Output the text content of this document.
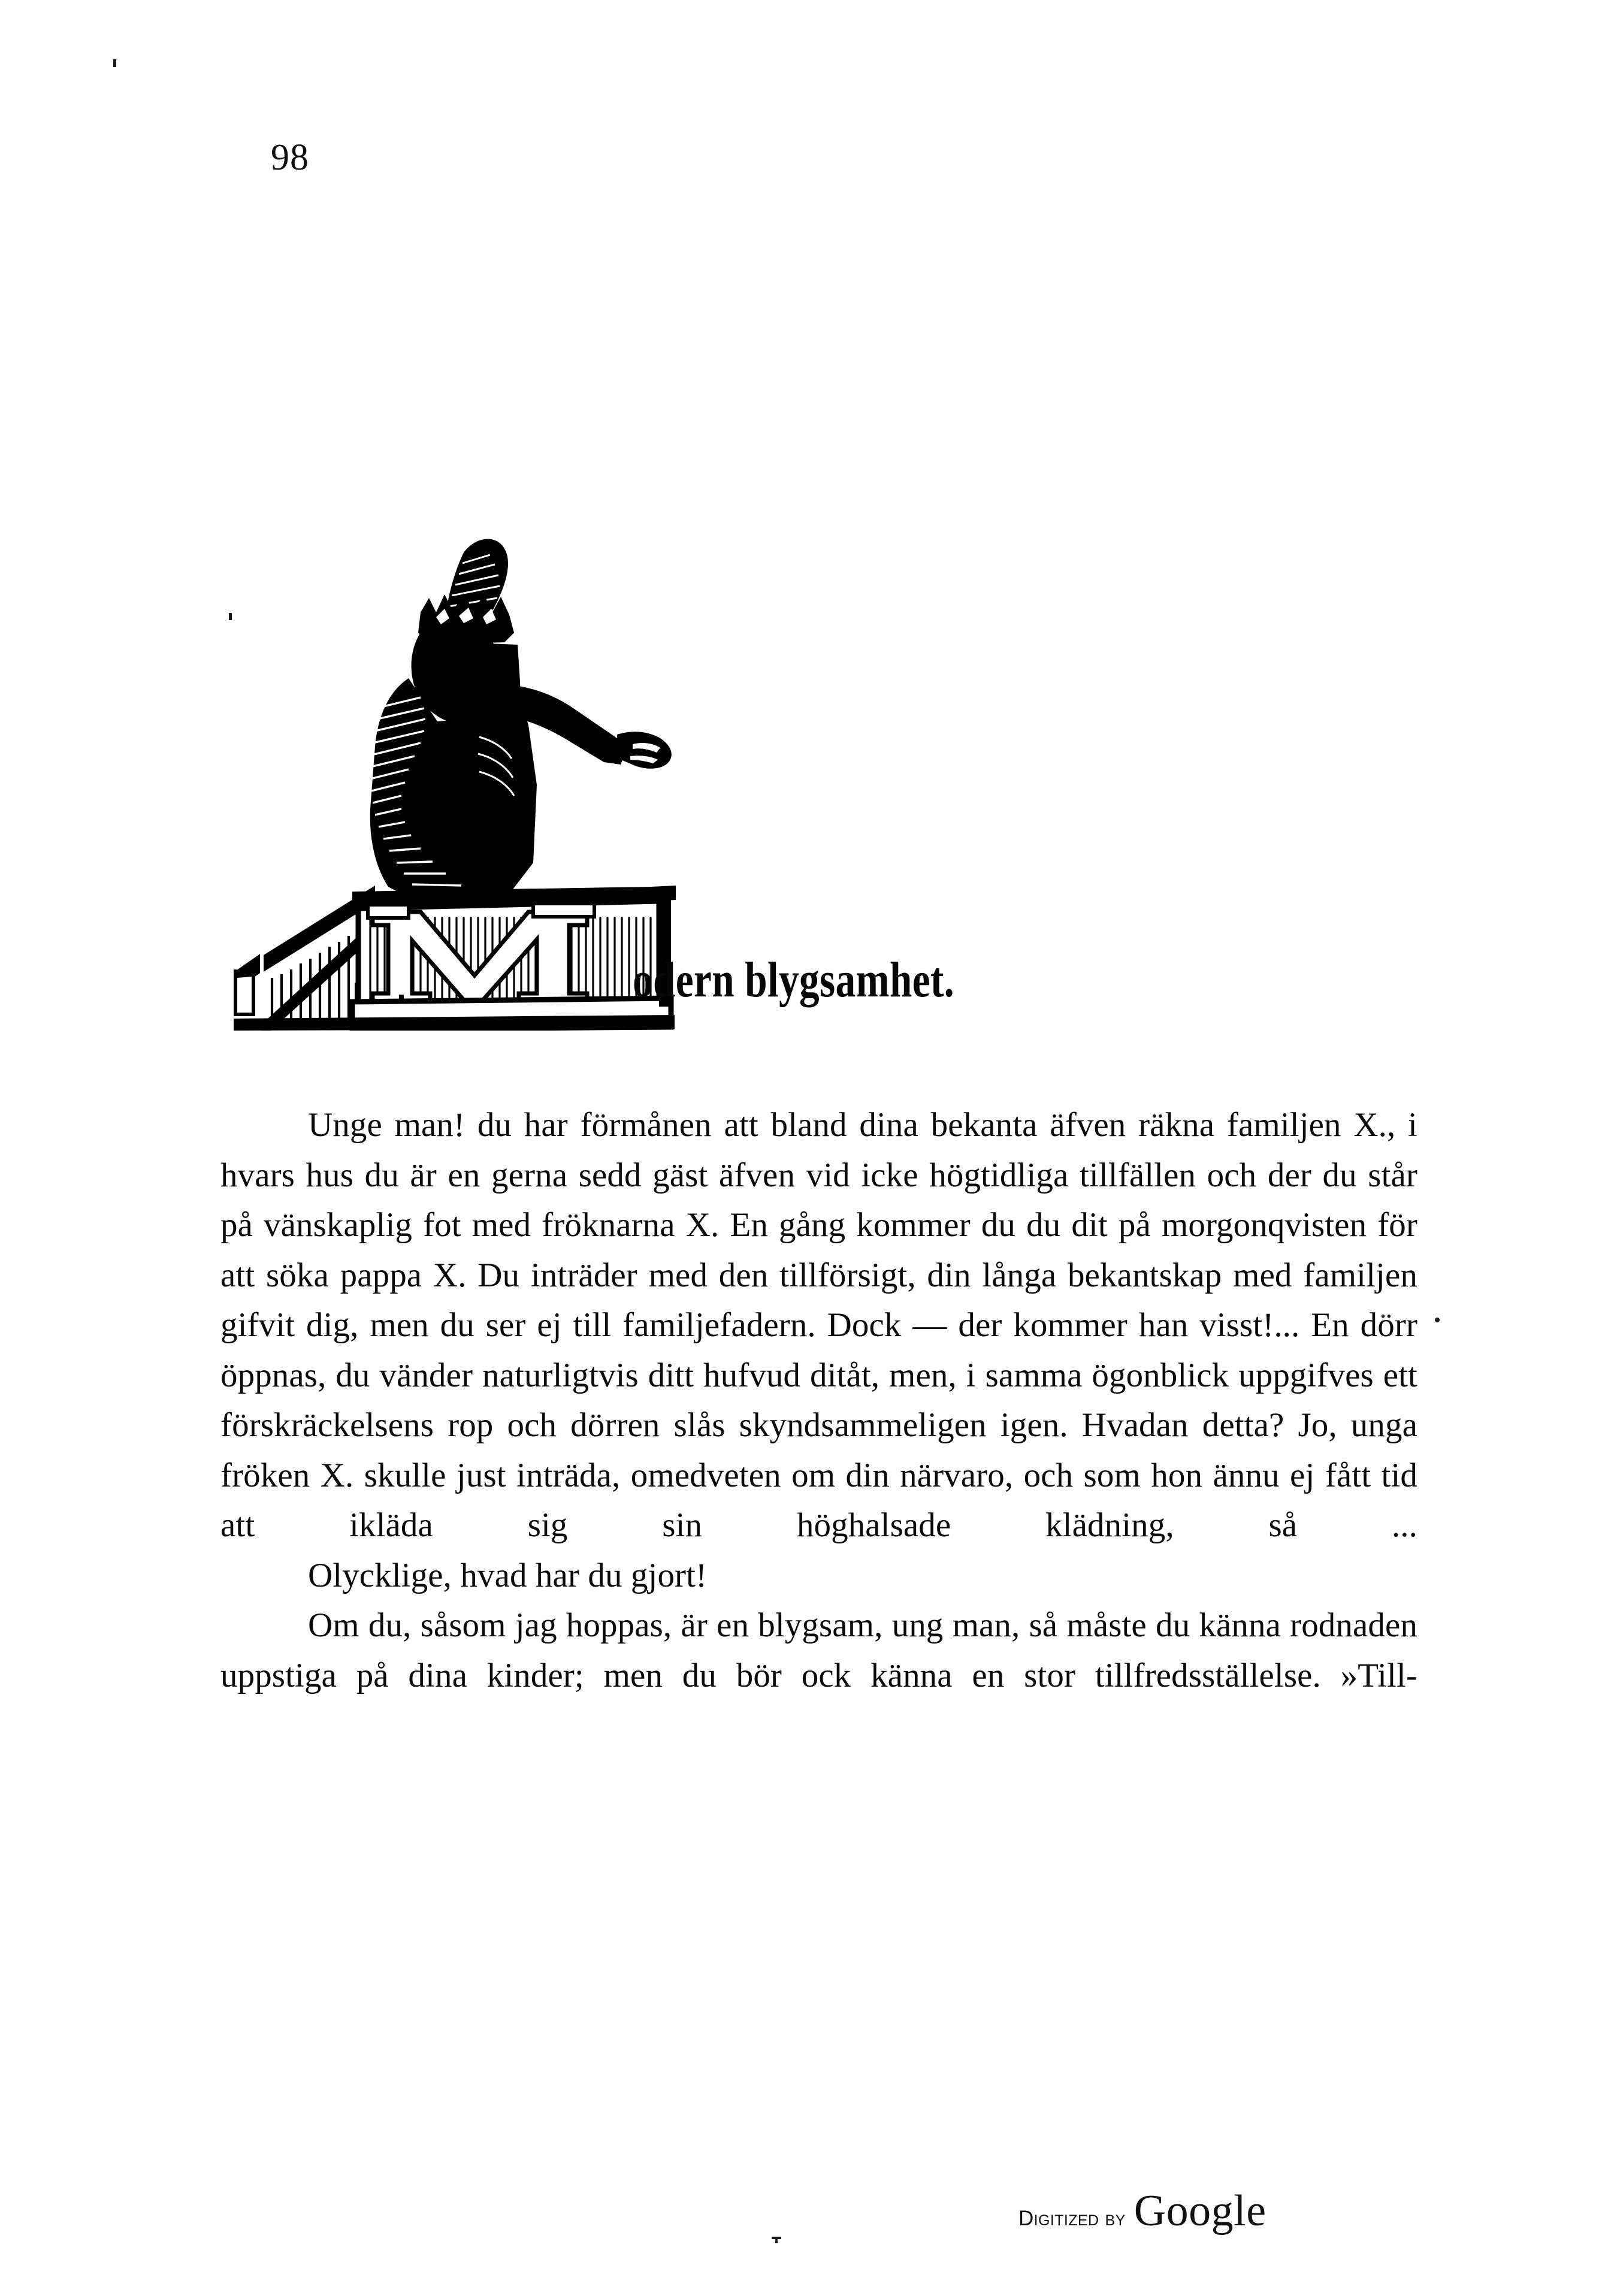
98
odern blygsamhet.

Unge man! du har förmånen att bland dina bekanta äfven räkna familjen X., i hvars hus du är en gerna sedd gäst äfven vid icke högtidliga tillfällen och der du står på vänskaplig fot med fröknarna X. En gång kommer du du dit på morgonqvisten för att söka pappa X. Du inträder med den tillförsigt, din långa bekantskap med familjen gifvit dig, men du ser ej till familjefadern. Dock — der kommer han visst!... En dörr öppnas, du vänder naturligtvis ditt hufvud ditåt, men, i samma ögonblick uppgifves ett förskräckelsens rop och dörren slås skyndsammeligen igen. Hvadan detta? Jo, unga fröken X. skulle just inträda, omedveten om din närvaro, och som hon ännu ej fått tid att ikläda sig sin höghalsade klädning, så ...

Olycklige, hvad har du gjort!

Om du, såsom jag hoppas, är en blygsam, ung man, så måste du känna rodnaden uppstiga på dina kinder; men du bör ock känna en stor tillfredsställelse. »Till-

Digitized by Google
